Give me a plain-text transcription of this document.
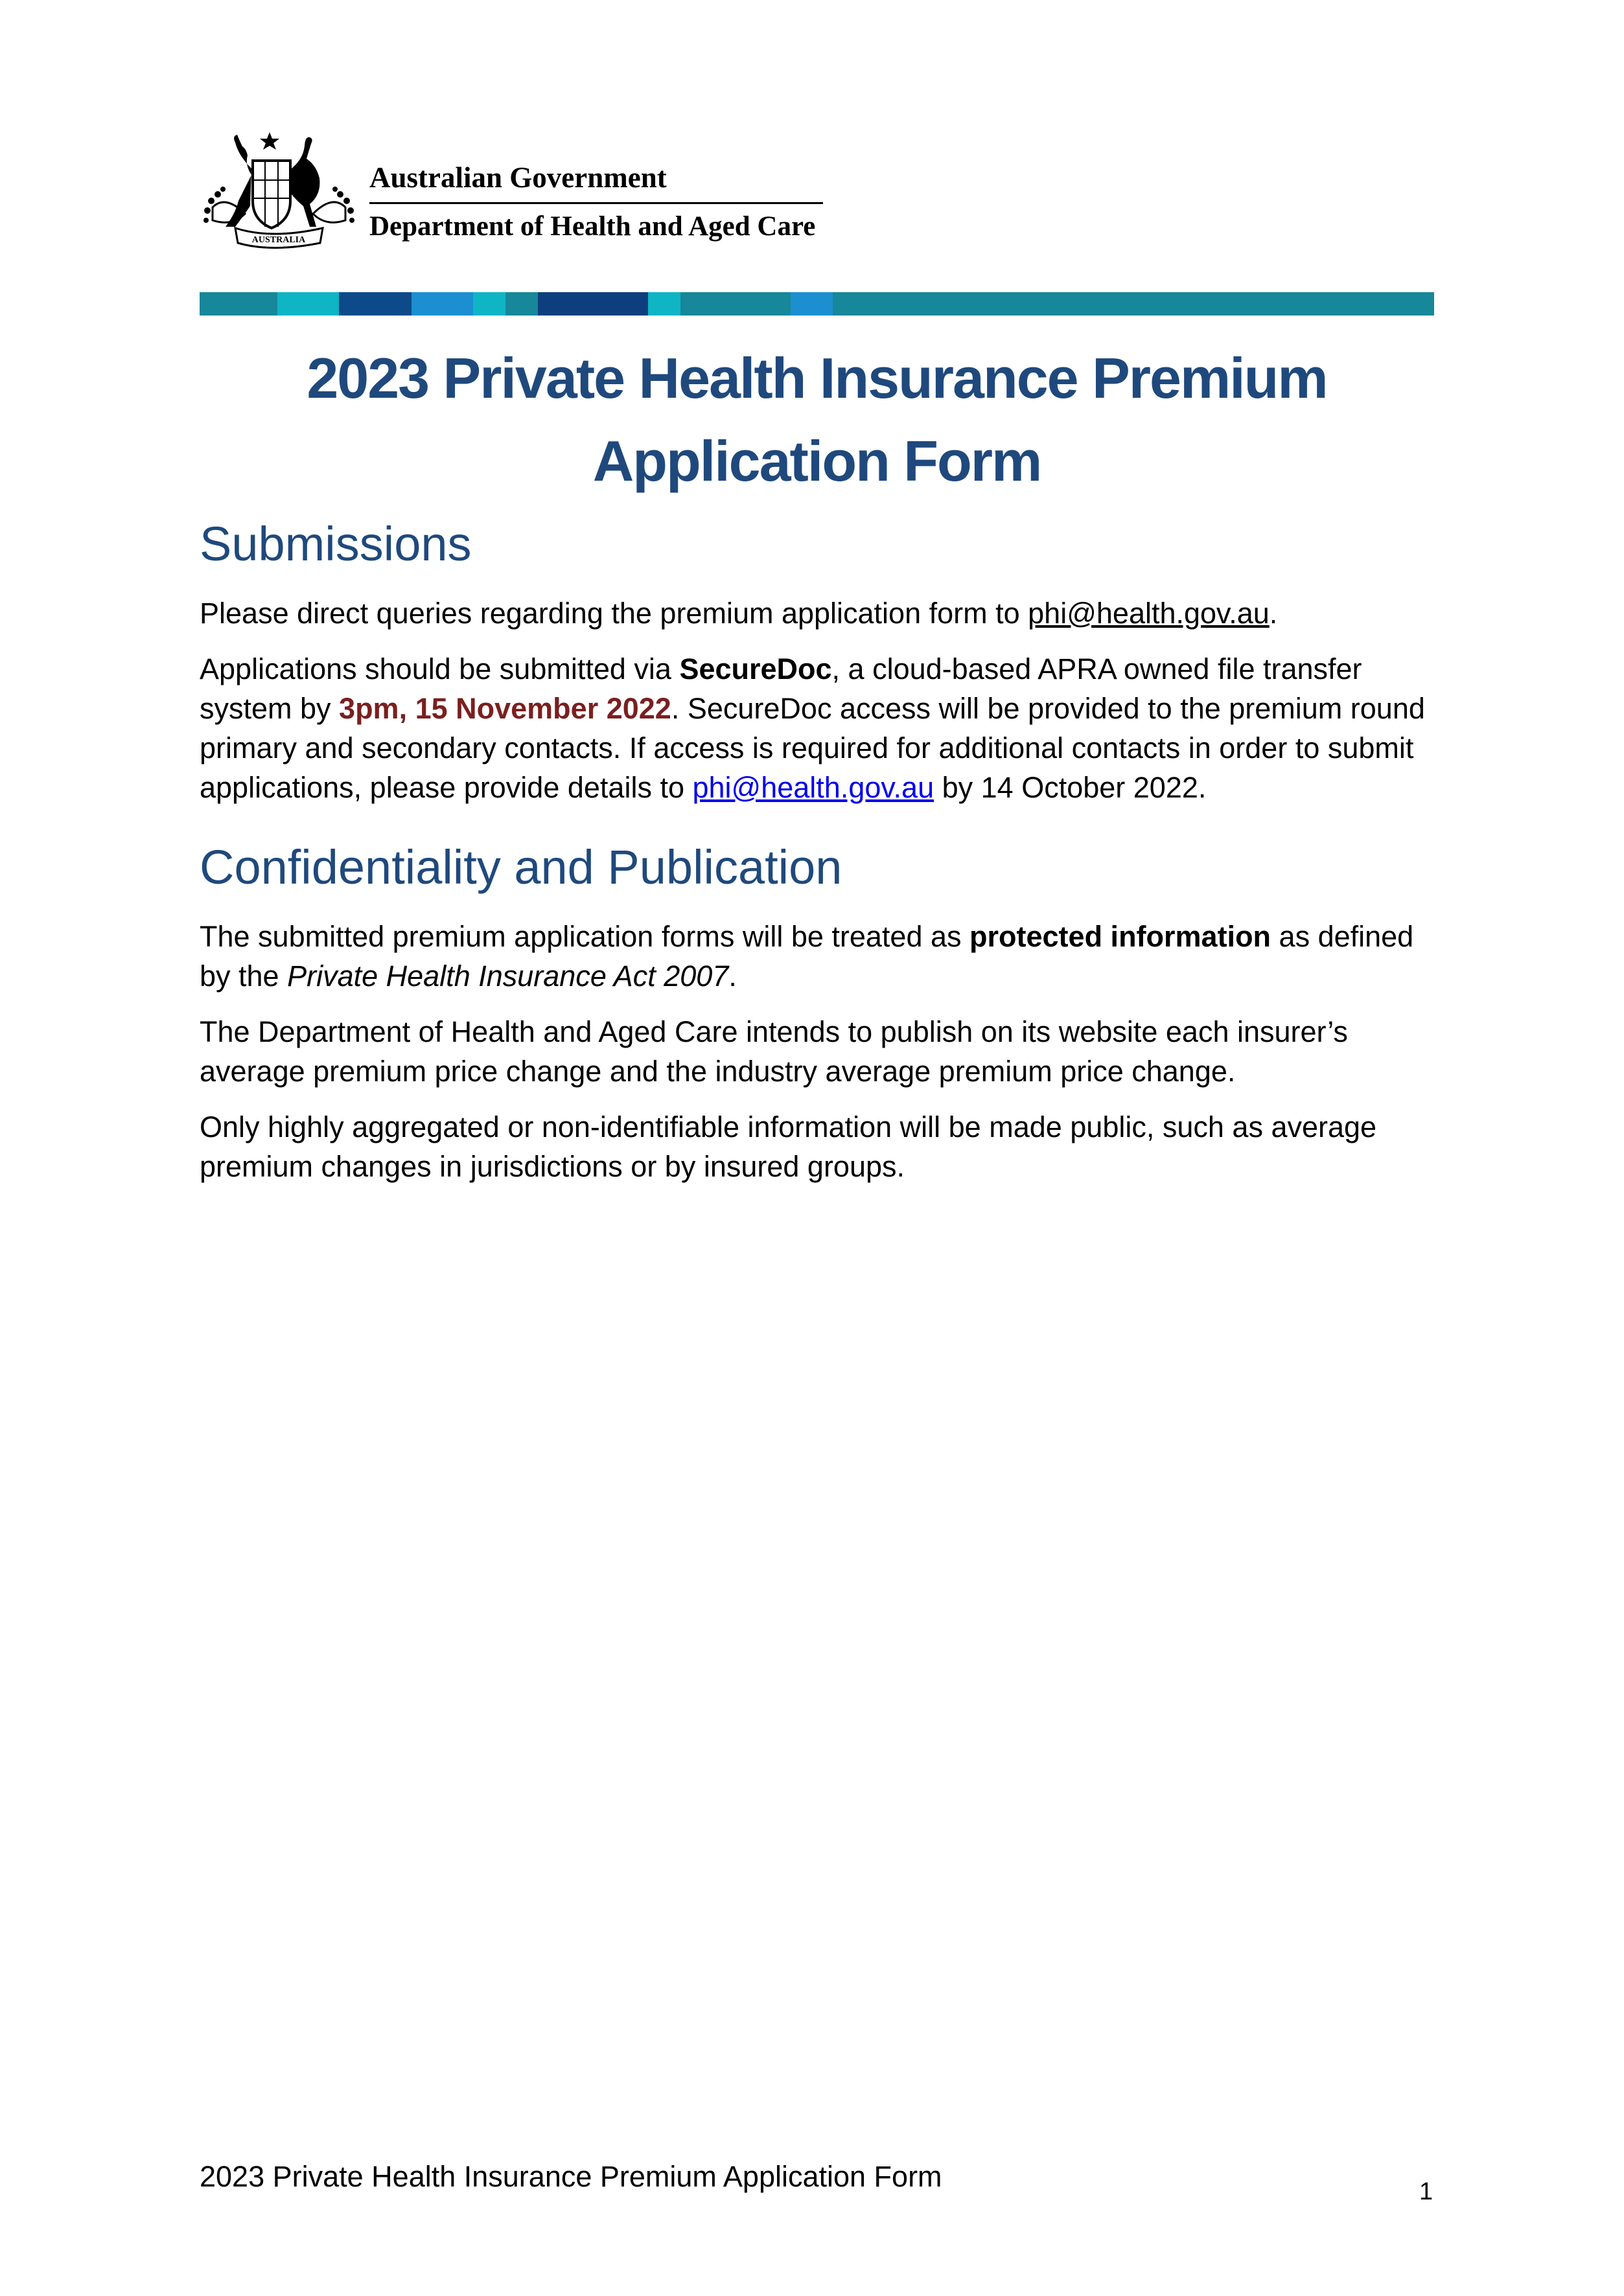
AUSTRALIA
Australian Government
Department of Health and Aged Care
2023 Private Health Insurance Premium
Application Form
Submissions

Please direct queries regarding the premium application form to phi@health.gov.au.

Applications should be submitted via SecureDoc, a cloud-based APRA owned file transfer system by 3pm, 15 November 2022. SecureDoc access will be provided to the premium round primary and secondary contacts. If access is required for additional contacts in order to submit applications, please provide details to phi@health.gov.au by 14 October 2022.

Confidentiality and Publication

The submitted premium application forms will be treated as protected information as defined by the Private Health Insurance Act 2007.

The Department of Health and Aged Care intends to publish on its website each insurer’s average premium price change and the industry average premium price change.

Only highly aggregated or non-identifiable information will be made public, such as average premium changes in jurisdictions or by insured groups.

2023 Private Health Insurance Premium Application Form	1
